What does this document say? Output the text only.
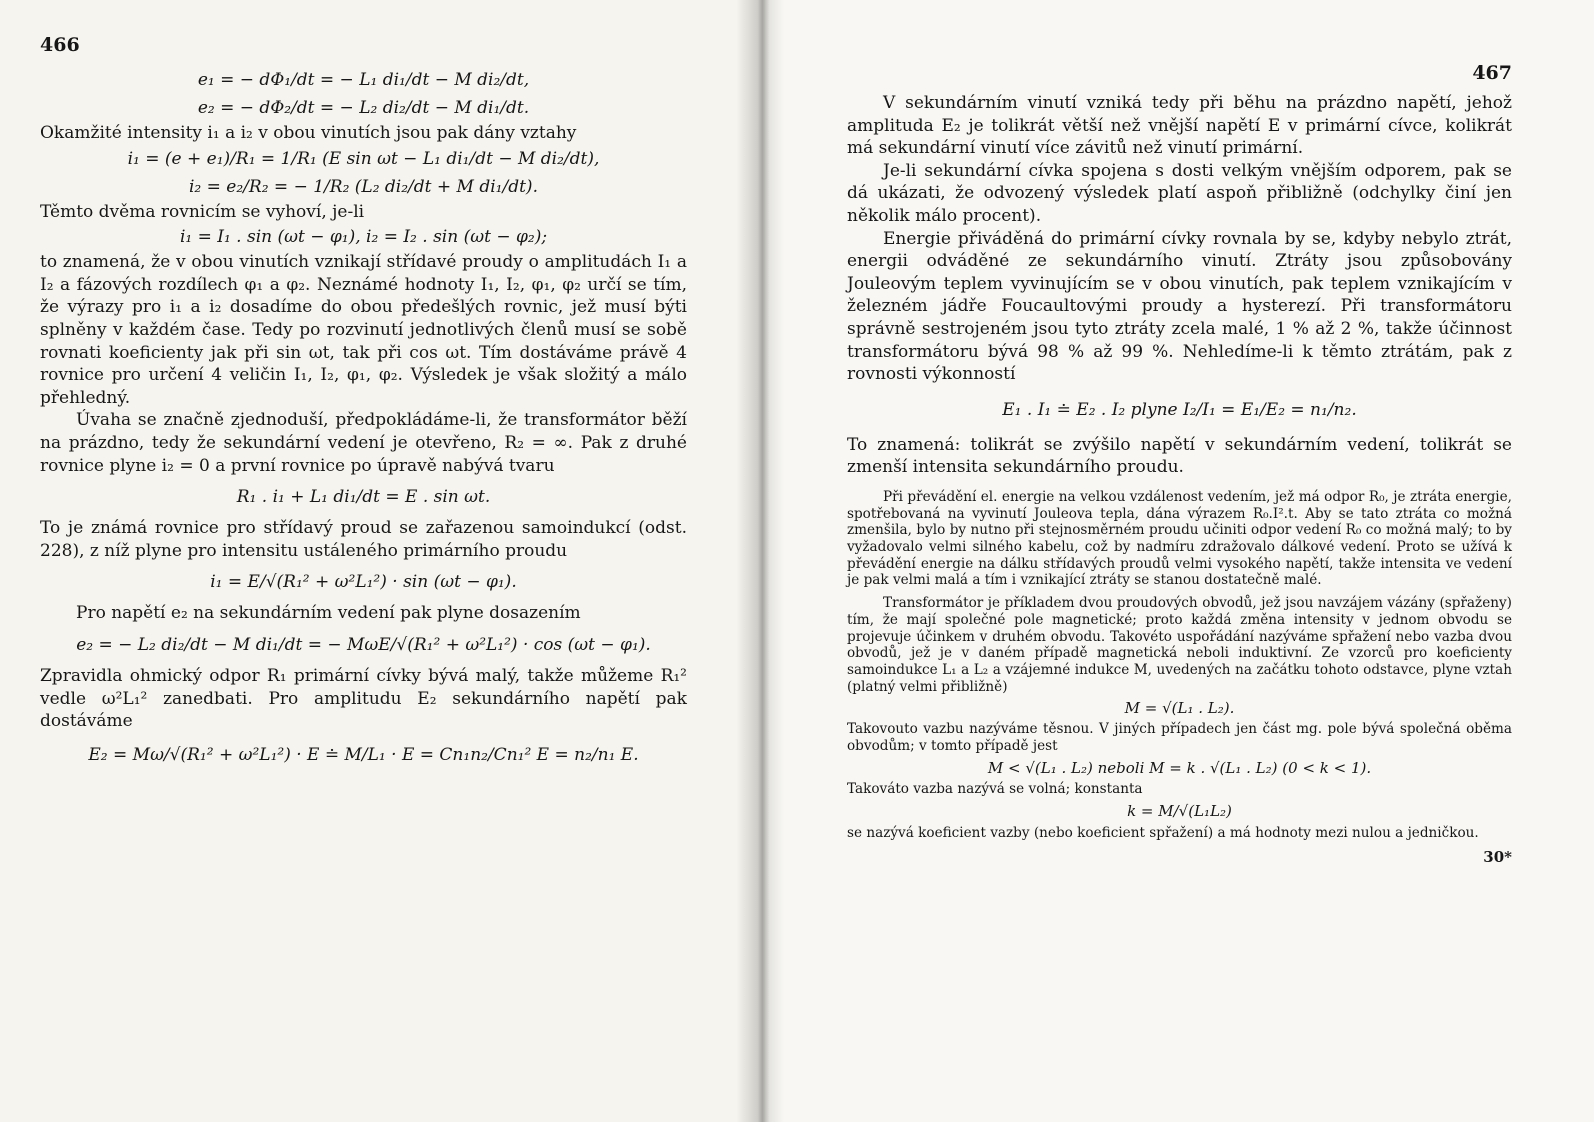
466
e₁ = − dΦ₁/dt = − L₁ di₁/dt − M di₂/dt,
e₂ = − dΦ₂/dt = − L₂ di₂/dt − M di₁/dt.

Okamžité intensity i₁ a i₂ v obou vinutích jsou pak dány vztahy

i₁ = (e + e₁)/R₁ = 1/R₁ (E sin ωt − L₁ di₁/dt − M di₂/dt),
i₂ = e₂/R₂ = − 1/R₂ (L₂ di₂/dt + M di₁/dt).

Těmto dvěma rovnicím se vyhoví, je-li

i₁ = I₁ . sin (ωt − φ₁), i₂ = I₂ . sin (ωt − φ₂);

to znamená, že v obou vinutích vznikají střídavé proudy o amplitudách I₁ a I₂ a fázových rozdílech φ₁ a φ₂. Neznámé hodnoty I₁, I₂, φ₁, φ₂ určí se tím, že výrazy pro i₁ a i₂ dosadíme do obou předešlých rovnic, jež musí býti splněny v každém čase. Tedy po rozvinutí jednotlivých členů musí se sobě rovnati koeficienty jak při sin ωt, tak při cos ωt. Tím dostáváme právě 4 rovnice pro určení 4 veličin I₁, I₂, φ₁, φ₂. Výsledek je však složitý a málo přehledný.

Úvaha se značně zjednoduší, předpokládáme-li, že transformátor běží na prázdno, tedy že sekundární vedení je otevřeno, R₂ = ∞. Pak z druhé rovnice plyne i₂ = 0 a první rovnice po úpravě nabývá tvaru

R₁ . i₁ + L₁ di₁/dt = E . sin ωt.

To je známá rovnice pro střídavý proud se zařazenou samoindukcí (odst. 228), z níž plyne pro intensitu ustáleného primárního proudu

i₁ = E/√(R₁² + ω²L₁²) · sin (ωt − φ₁).

Pro napětí e₂ na sekundárním vedení pak plyne dosazením

e₂ = − L₂ di₂/dt − M di₁/dt = − MωE/√(R₁² + ω²L₁²) · cos (ωt − φ₁).

Zpravidla ohmický odpor R₁ primární cívky bývá malý, takže můžeme R₁² vedle ω²L₁² zanedbati. Pro amplitudu E₂ sekundárního napětí pak dostáváme

E₂ = Mω/√(R₁² + ω²L₁²) · E ≐ M/L₁ · E = Cn₁n₂/Cn₁² E = n₂/n₁ E.
467

V sekundárním vinutí vzniká tedy při běhu na prázdno napětí, jehož amplituda E₂ je tolikrát větší než vnější napětí E v primární cívce, kolikrát má sekundární vinutí více závitů než vinutí primární.

Je-li sekundární cívka spojena s dosti velkým vnějším odporem, pak se dá ukázati, že odvozený výsledek platí aspoň přibližně (odchylky činí jen několik málo procent).

Energie přiváděná do primární cívky rovnala by se, kdyby nebylo ztrát, energii odváděné ze sekundárního vinutí. Ztráty jsou způsobovány Jouleovým teplem vyvinujícím se v obou vinutích, pak teplem vznikajícím v železném jádře Foucaultovými proudy a hysterezí. Při transformátoru správně sestrojeném jsou tyto ztráty zcela malé, 1 % až 2 %, takže účinnost transformátoru bývá 98 % až 99 %. Nehledíme-li k těmto ztrátám, pak z rovnosti výkonností

E₁ . I₁ ≐ E₂ . I₂ plyne I₂/I₁ = E₁/E₂ = n₁/n₂.

To znamená: tolikrát se zvýšilo napětí v sekundárním vedení, tolikrát se zmenší intensita sekundárního proudu.

Při převádění el. energie na velkou vzdálenost vedením, jež má odpor R₀, je ztráta energie, spotřebovaná na vyvinutí Jouleova tepla, dána výrazem R₀.I².t. Aby se tato ztráta co možná zmenšila, bylo by nutno při stejnosměrném proudu učiniti odpor vedení R₀ co možná malý; to by vyžadovalo velmi silného kabelu, což by nadmíru zdražovalo dálkové vedení. Proto se užívá k převádění energie na dálku střídavých proudů velmi vysokého napětí, takže intensita ve vedení je pak velmi malá a tím i vznikající ztráty se stanou dostatečně malé.

Transformátor je příkladem dvou proudových obvodů, jež jsou navzájem vázány (spřaženy) tím, že mají společné pole magnetické; proto každá změna intensity v jednom obvodu se projevuje účinkem v druhém obvodu. Takovéto uspořádání nazýváme spřažení nebo vazba dvou obvodů, jež je v daném případě magnetická neboli induktivní. Ze vzorců pro koeficienty samoindukce L₁ a L₂ a vzájemné indukce M, uvedených na začátku tohoto odstavce, plyne vztah (platný velmi přibližně)

M = √(L₁ . L₂).

Takovouto vazbu nazýváme těsnou. V jiných případech jen část mg. pole bývá společná oběma obvodům; v tomto případě jest

M < √(L₁ . L₂) neboli M = k . √(L₁ . L₂) (0 < k < 1).

Takováto vazba nazývá se volná; konstanta

k = M/√(L₁L₂)

se nazývá koeficient vazby (nebo koeficient spřažení) a má hodnoty mezi nulou a jedničkou.

30*
